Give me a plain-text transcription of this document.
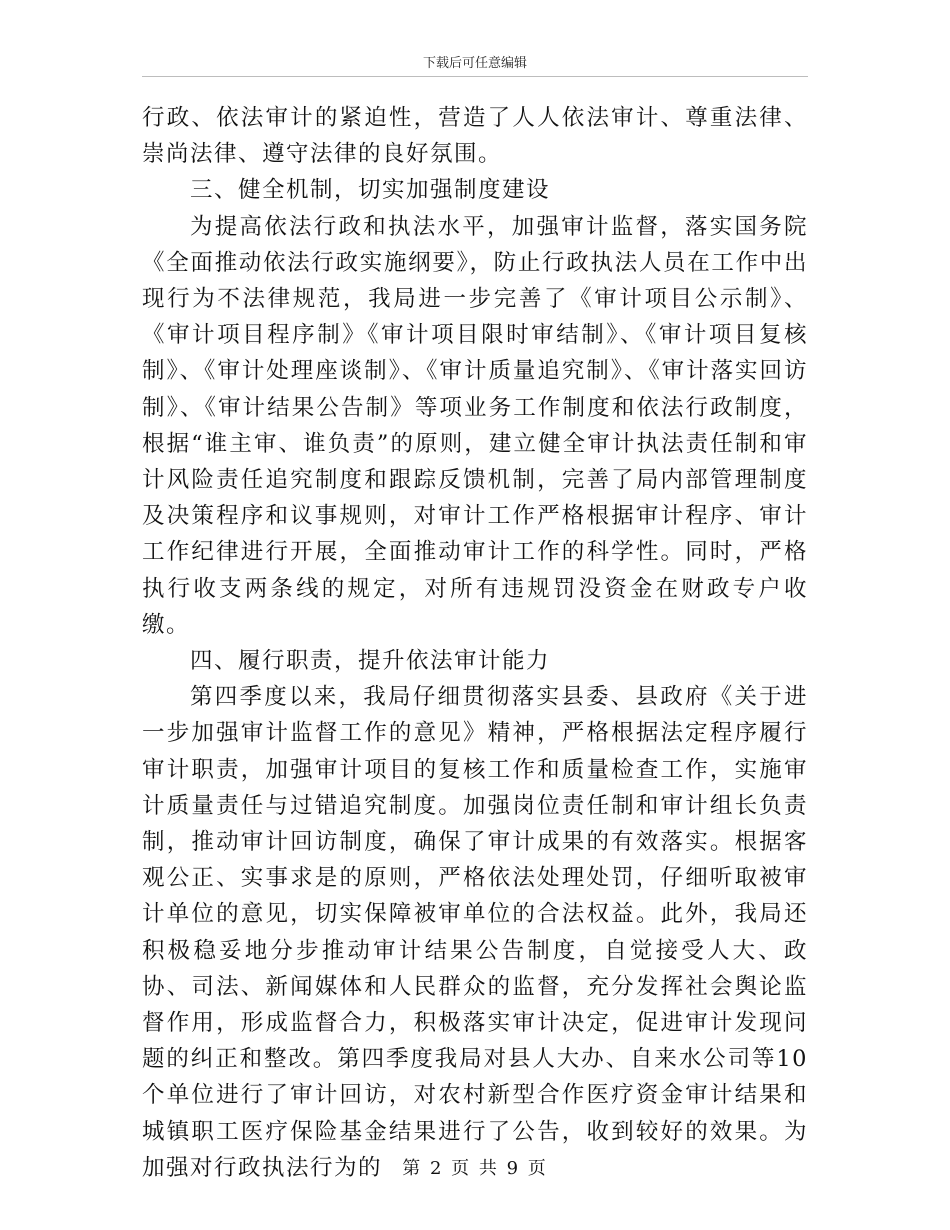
下载后可任意编辑

行政、依法审计的紧迫性，营造了人人依法审计、尊重法律、崇尚法律、遵守法律的良好氛围。

三、健全机制，切实加强制度建设

为提高依法行政和执法水平，加强审计监督，落实国务院《全面推动依法行政实施纲要》，防止行政执法人员在工作中出现行为不法律规范，我局进一步完善了《审计项目公示制》、《审计项目程序制》《审计项目限时审结制》、《审计项目复核制》、《审计处理座谈制》、《审计质量追究制》、《审计落实回访制》、《审计结果公告制》等项业务工作制度和依法行政制度，根据“谁主审、谁负责”的原则，建立健全审计执法责任制和审计风险责任追究制度和跟踪反馈机制，完善了局内部管理制度及决策程序和议事规则，对审计工作严格根据审计程序、审计工作纪律进行开展，全面推动审计工作的科学性。同时，严格执行收支两条线的规定，对所有违规罚没资金在财政专户收缴。

四、履行职责，提升依法审计能力

第四季度以来，我局仔细贯彻落实县委、县政府《关于进一步加强审计监督工作的意见》精神，严格根据法定程序履行审计职责，加强审计项目的复核工作和质量检查工作，实施审计质量责任与过错追究制度。加强岗位责任制和审计组长负责制，推动审计回访制度，确保了审计成果的有效落实。根据客观公正、实事求是的原则，严格依法处理处罚，仔细听取被审计单位的意见，切实保障被审单位的合法权益。此外，我局还积极稳妥地分步推动审计结果公告制度，自觉接受人大、政协、司法、新闻媒体和人民群众的监督，充分发挥社会舆论监督作用，形成监督合力，积极落实审计决定，促进审计发现问题的纠正和整改。第四季度我局对县人大办、自来水公司等10个单位进行了审计回访，对农村新型合作医疗资金审计结果和城镇职工医疗保险基金结果进行了公告，收到较好的效果。为加强对行政执法行为的	第 2 页 共 9 页
